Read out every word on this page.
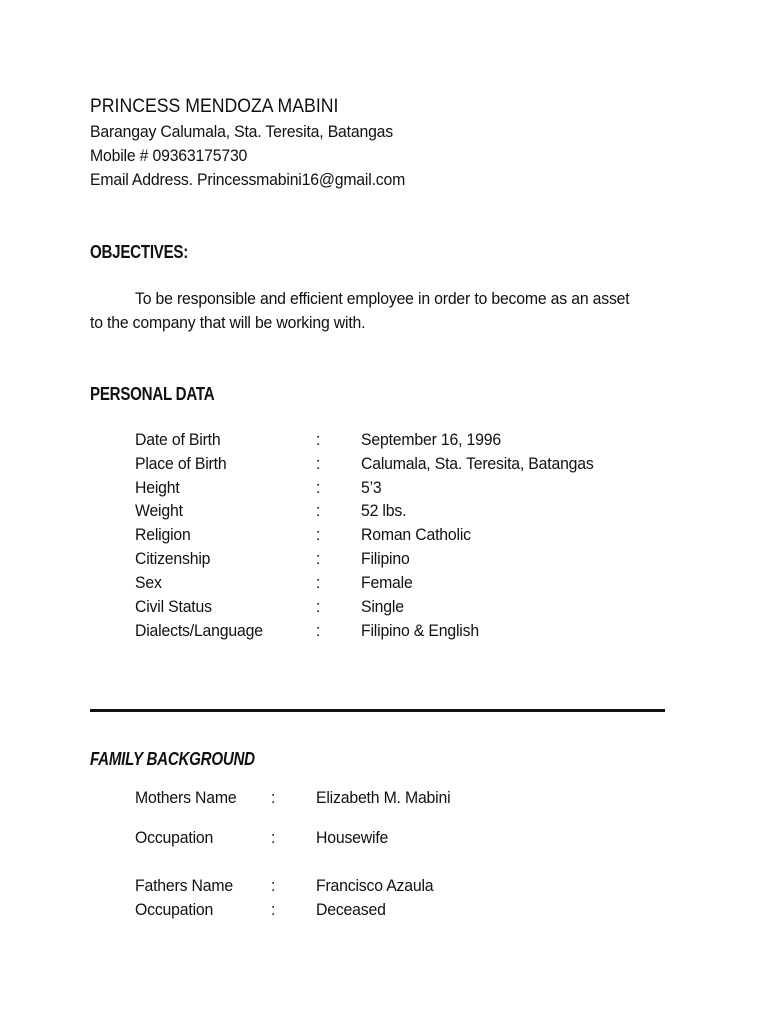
PRINCESS MENDOZA MABINI
Barangay Calumala, Sta. Teresita, Batangas
Mobile # 09363175730
Email Address. Princessmabini16@gmail.com
OBJECTIVES:
To be responsible and efficient employee in order to become as an asset
to the company that will be working with.
PERSONAL DATA
Date of Birth	: September 16, 1996
Place of Birth	: Calumala, Sta. Teresita, Batangas
Height	: 5’3
Weight	: 52 lbs.
Religion	: Roman Catholic
Citizenship	: Filipino
Sex	: Female
Civil Status	: Single
Dialects/Language	: Filipino & English
FAMILY BACKGROUND
Mothers Name : Elizabeth M. Mabini
Occupation	: Housewife
Fathers Name : Francisco Azaula
Occupation	: Deceased
